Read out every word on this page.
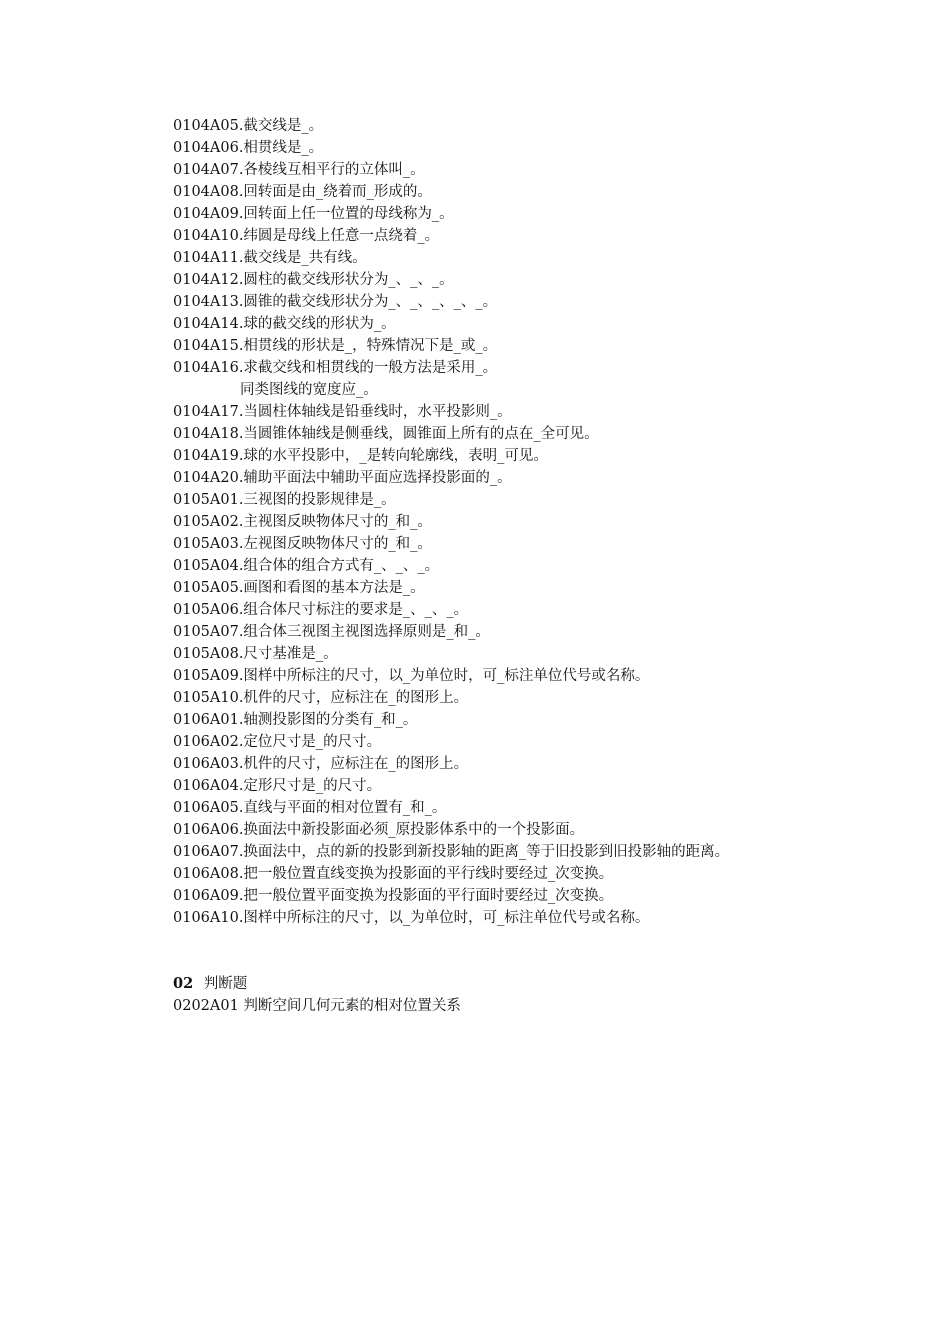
0104A05.截交线是_。
0104A06.相贯线是_。
0104A07.各棱线互相平行的立体叫_。
0104A08.回转面是由_绕着而_形成的。
0104A09.回转面上任一位置的母线称为_。
0104A10.纬圆是母线上任意一点绕着_。
0104A11.截交线是_共有线。
0104A12.圆柱的截交线形状分为_、_、_。
0104A13.圆锥的截交线形状分为_、_、_、_、_。
0104A14.球的截交线的形状为_。
0104A15.相贯线的形状是_，特殊情况下是_或_。
0104A16.求截交线和相贯线的一般方法是采用_。
同类图线的宽度应_。
0104A17.当圆柱体轴线是铅垂线时，水平投影则_。
0104A18.当圆锥体轴线是侧垂线，圆锥面上所有的点在_全可见。
0104A19.球的水平投影中，_是转向轮廓线，表明_可见。
0104A20.辅助平面法中辅助平面应选择投影面的_。
0105A01.三视图的投影规律是_。
0105A02.主视图反映物体尺寸的_和_。
0105A03.左视图反映物体尺寸的_和_。
0105A04.组合体的组合方式有_、_、_。
0105A05.画图和看图的基本方法是_。
0105A06.组合体尺寸标注的要求是_、_、_。
0105A07.组合体三视图主视图选择原则是_和_。
0105A08.尺寸基准是_。
0105A09.图样中所标注的尺寸，以_为单位时，可_标注单位代号或名称。
0105A10.机件的尺寸，应标注在_的图形上。
0106A01.轴测投影图的分类有_和_。
0106A02.定位尺寸是_的尺寸。
0106A03.机件的尺寸，应标注在_的图形上。
0106A04.定形尺寸是_的尺寸。
0106A05.直线与平面的相对位置有_和_。
0106A06.换面法中新投影面必须_原投影体系中的一个投影面。
0106A07.换面法中，点的新的投影到新投影轴的距离_等于旧投影到旧投影轴的距离。
0106A08.把一般位置直线变换为投影面的平行线时要经过_次变换。
0106A09.把一般位置平面变换为投影面的平行面时要经过_次变换。
0106A10.图样中所标注的尺寸，以_为单位时，可_标注单位代号或名称。
02 判断题
0202A01 判断空间几何元素的相对位置关系
